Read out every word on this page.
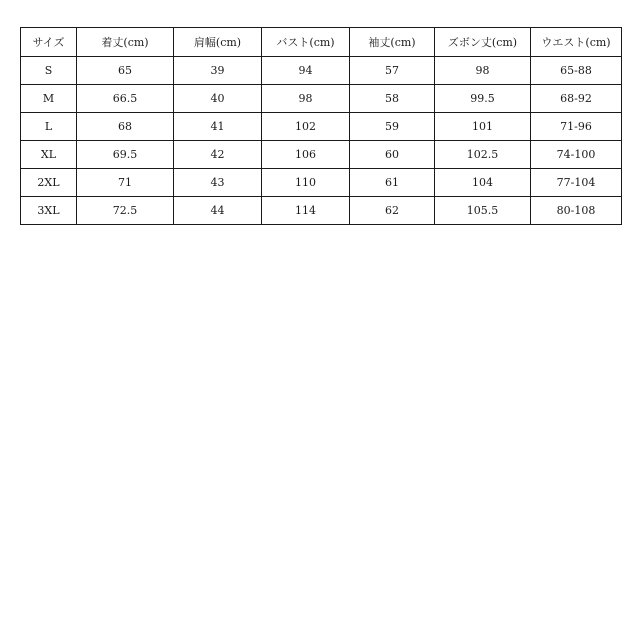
サイズ	着丈(cm)	肩幅(cm)	バスト(cm)	袖丈(cm)	ズボン丈(cm)	ウエスト(cm)
S	65	39	94	57	98	65-88
M	66.5	40	98	58	99.5	68-92
L	68	41	102	59	101	71-96
XL	69.5	42	106	60	102.5	74-100
2XL	71	43	110	61	104	77-104
3XL	72.5	44	114	62	105.5	80-108
